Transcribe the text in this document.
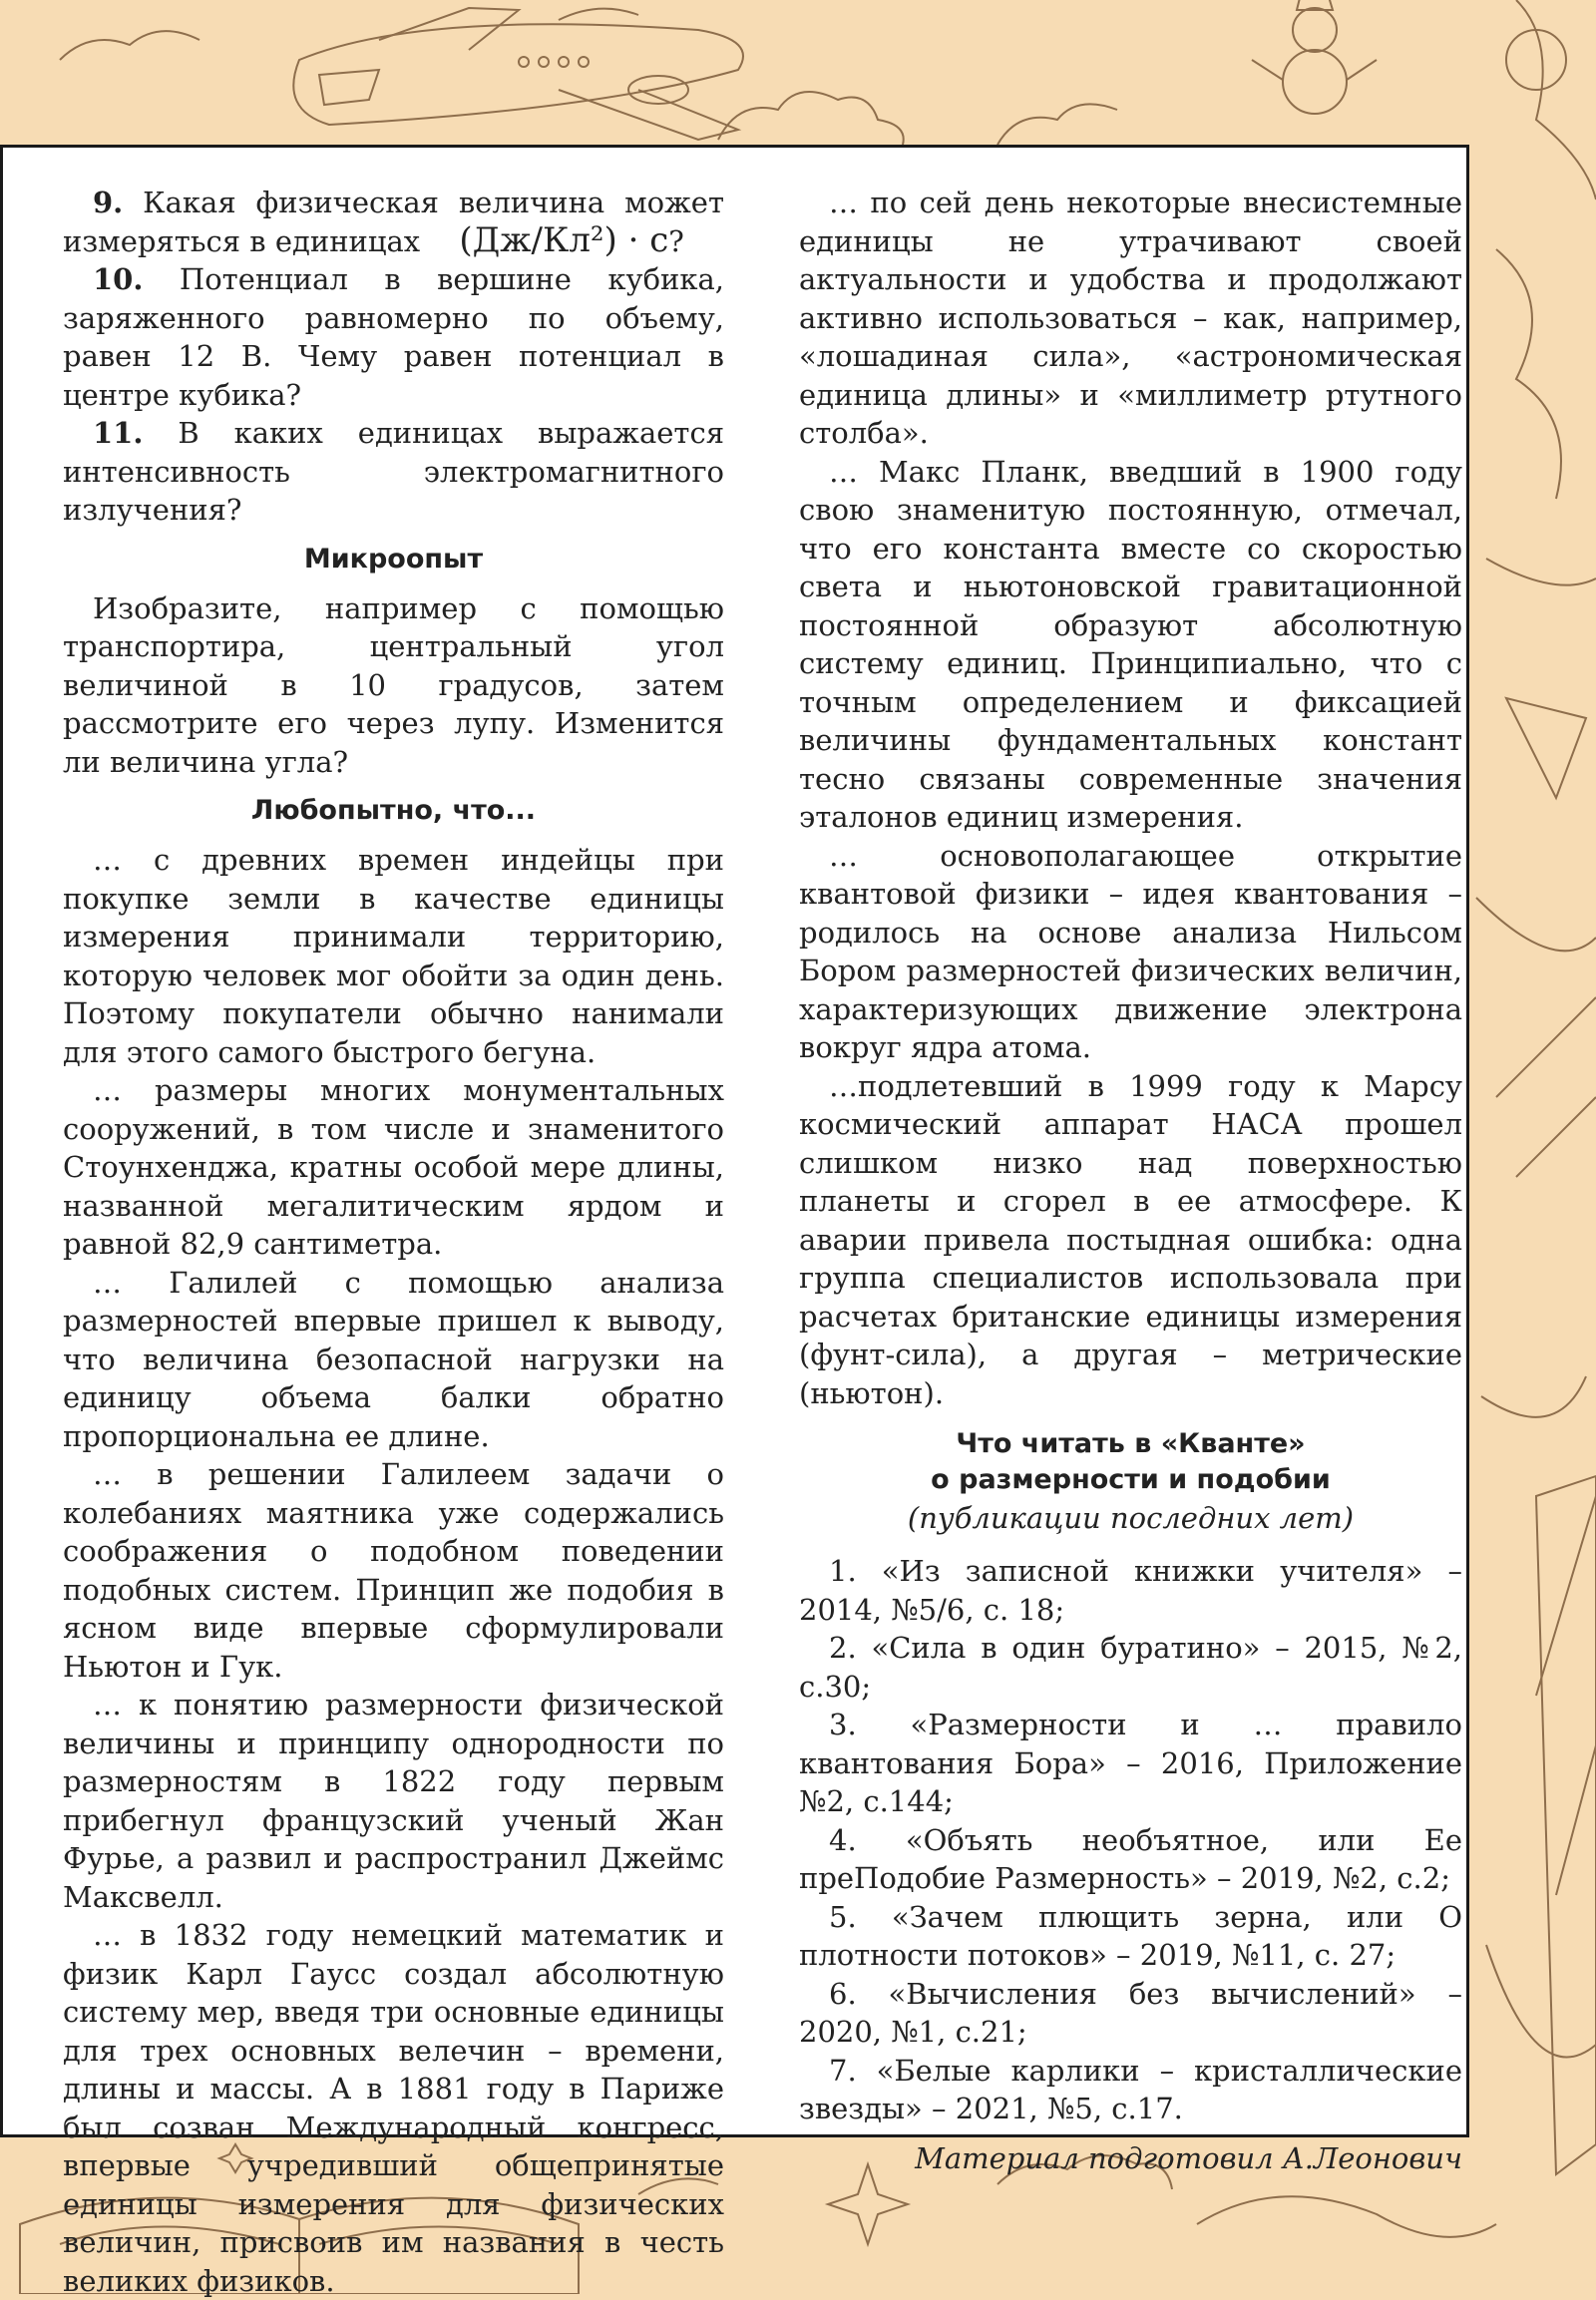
9. Какая физическая величина может измеряться в единицах (Дж/Кл²) · с?

10. Потенциал в вершине кубика, заряженного равномерно по объему, равен 12 В. Чему равен потенциал в центре кубика?

11. В каких единицах выражается интенсивность электромагнитного излучения?

Микроопыт

Изобразите, например с помощью транспортира, центральный угол величиной в 10 градусов, затем рассмотрите его через лупу. Изменится ли величина угла?

Любопытно, что...

… с древних времен индейцы при покупке земли в качестве единицы измерения принимали территорию, которую человек мог обойти за один день. Поэтому покупатели обычно нанимали для этого самого быстрого бегуна.

… размеры многих монументальных сооружений, в том числе и знаменитого Стоунхенджа, кратны особой мере длины, названной мегалитическим ярдом и равной 82,9 сантиметра.

… Галилей с помощью анализа размерностей впервые пришел к выводу, что величина безопасной нагрузки на единицу объема балки обратно пропорциональна ее длине.

… в решении Галилеем задачи о колебаниях маятника уже содержались соображения о подобном поведении подобных систем. Принцип же подобия в ясном виде впервые сформулировали Ньютон и Гук.

… к понятию размерности физической величины и принципу однородности по размерностям в 1822 году первым прибегнул французский ученый Жан Фурье, а развил и распространил Джеймс Максвелл.

… в 1832 году немецкий математик и физик Карл Гаусс создал абсолютную систему мер, введя три основные единицы для трех основных велечин – времени, длины и массы. А в 1881 году в Париже был созван Международный конгресс, впервые учредивший общепринятые единицы измерения для физических величин, присвоив им названия в честь великих физиков.

… по сей день некоторые внесистемные единицы не утрачивают своей актуальности и удобства и продолжают активно использоваться – как, например, «лошадиная сила», «астрономическая единица длины» и «миллиметр ртутного столба».

… Макс Планк, введший в 1900 году свою знаменитую постоянную, отмечал, что его константа вместе со скоростью света и ньютоновской гравитационной постоянной образуют абсолютную систему единиц. Принципиально, что с точным определением и фиксацией величины фундаментальных констант тесно связаны современные значения эталонов единиц измерения.

… основополагающее открытие квантовой физики – идея квантования – родилось на основе анализа Нильсом Бором размерностей физических величин, характеризующих движение электрона вокруг ядра атома.

…подлетевший в 1999 году к Марсу космический аппарат НАСА прошел слишком низко над поверхностью планеты и сгорел в ее атмосфере. К аварии привела постыдная ошибка: одна группа специалистов использовала при расчетах британские единицы измерения (фунт-сила), а другая – метрические (ньютон).

Что читать в «Кванте»
о размерности и подобии
(публикации последних лет)

1. «Из записной книжки учителя» – 2014, №5/6, с. 18;

2. «Сила в один буратино» – 2015, №2, с.30;

3. «Размерности и … правило квантования Бора» – 2016, Приложение №2, с.144;

4. «Объять необъятное, или Ее преПодобие Размерность» – 2019, №2, с.2;

5. «Зачем плющить зерна, или О плотности потоков» – 2019, №11, с. 27;

6. «Вычисления без вычислений» – 2020, №1, с.21;

7. «Белые карлики – кристаллические звезды» – 2021, №5, с.17.

Материал подготовил А.Леонович
